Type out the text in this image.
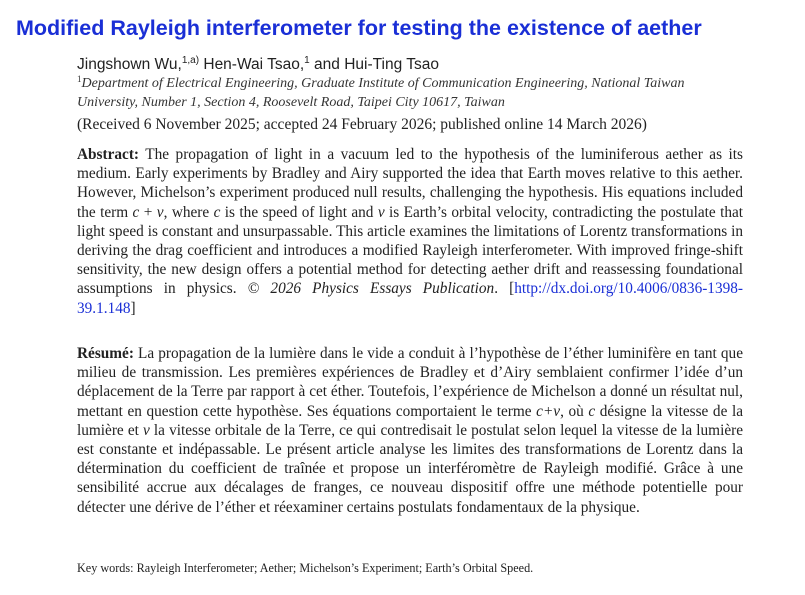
Modified Rayleigh interferometer for testing the existence of aether
Jingshown Wu,$^{1,a)}$ Hen-Wai Tsao,$^1$ and Hui-Ting Tsao
$^1$Department of Electrical Engineering, Graduate Institute of Communication Engineering, National Taiwan University, Number 1, Section 4, Roosevelt Road, Taipei City 10617, Taiwan
(Received 6 November 2025; accepted 24 February 2026; published online 14 March 2026)
Abstract: The propagation of light in a vacuum led to the hypothesis of the luminiferous aether as its medium. Early experiments by Bradley and Airy supported the idea that Earth moves relative to this aether. However, Michelson’s experiment produced null results, challenging the hypothesis. His equations included the term c + v, where c is the speed of light and v is Earth’s orbital velocity, contradicting the postulate that light speed is constant and unsurpassable. This article examines the limitations of Lorentz transformations in deriving the drag coefficient and introduces a modified Rayleigh interferometer. With improved fringe-shift sensitivity, the new design offers a potential method for detecting aether drift and reassessing foundational assumptions in physics. © 2026 Physics Essays Publication. [http://dx.doi.org/10.4006/0836-1398-39.1.148]
Résumé: La propagation de la lumière dans le vide a conduit à l’hypothèse de l’éther luminifère en tant que milieu de transmission. Les premières expériences de Bradley et d’Airy semblaient confirmer l’idée d’un déplacement de la Terre par rapport à cet éther. Toutefois, l’expérience de Michelson a donné un résultat nul, mettant en question cette hypothèse. Ses équations comportaient le terme c+v, où c désigne la vitesse de la lumière et v la vitesse orbitale de la Terre, ce qui contredisait le postulat selon lequel la vitesse de la lumière est constante et indépassable. Le présent article analyse les limites des transformations de Lorentz dans la détermination du coefficient de traînée et propose un interféromètre de Rayleigh modifié. Grâce à une sensibilité accrue aux décalages de franges, ce nouveau dispositif offre une méthode potentielle pour détecter une dérive de l’éther et réexaminer certains postulats fondamentaux de la physique.
Key words: Rayleigh Interferometer; Aether; Michelson’s Experiment; Earth’s Orbital Speed.
